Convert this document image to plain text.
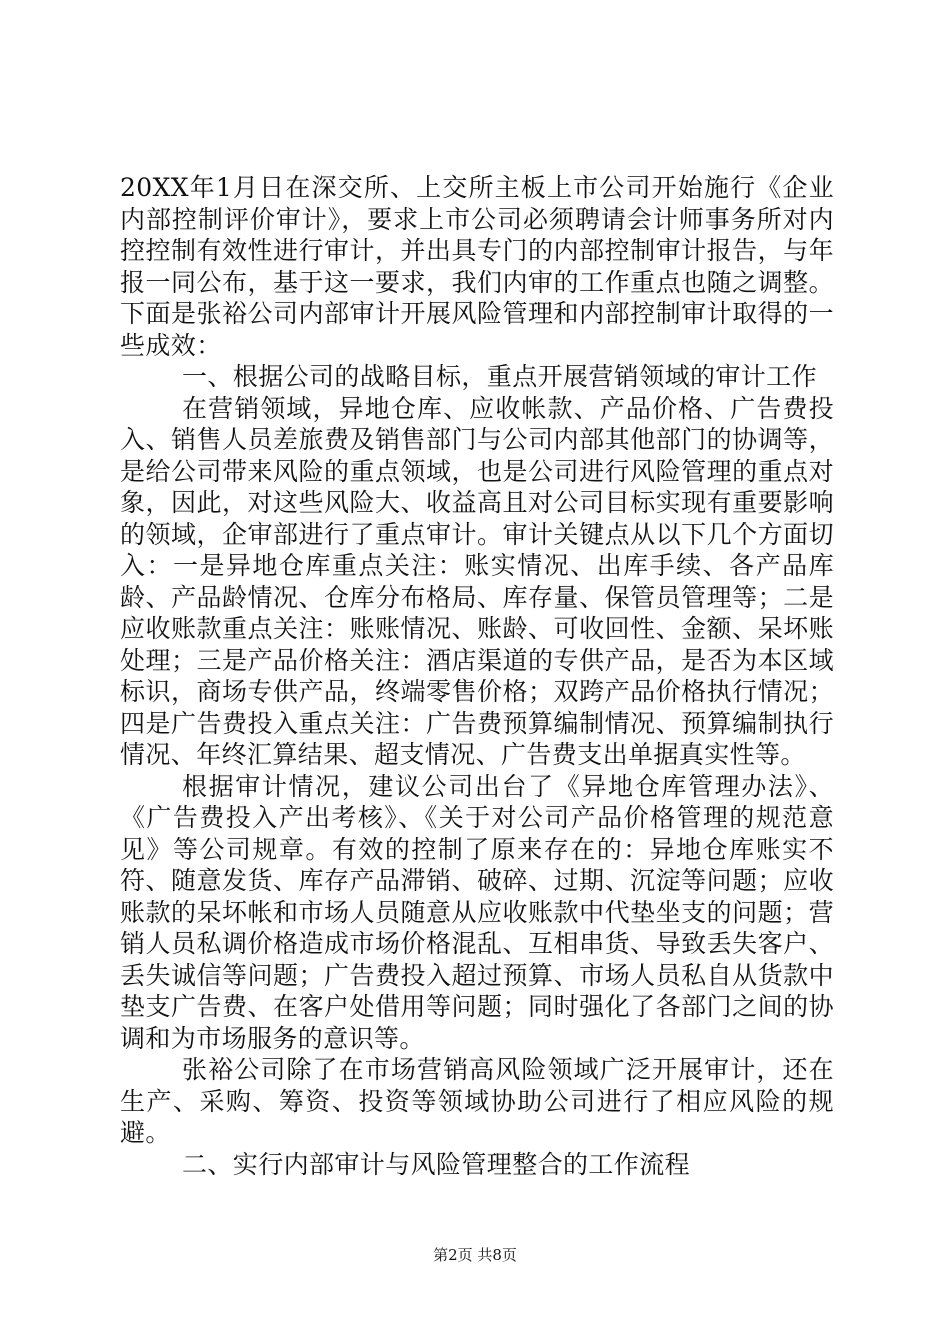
20XX年1月日在深交所、上交所主板上市公司开始施行《企业内部控制评价审计》，要求上市公司必须聘请会计师事务所对内控控制有效性进行审计，并出具专门的内部控制审计报告，与年报一同公布，基于这一要求，我们内审的工作重点也随之调整。下面是张裕公司内部审计开展风险管理和内部控制审计取得的一些成效：

一、根据公司的战略目标，重点开展营销领域的审计工作

在营销领域，异地仓库、应收帐款、产品价格、广告费投入、销售人员差旅费及销售部门与公司内部其他部门的协调等，是给公司带来风险的重点领域，也是公司进行风险管理的重点对象，因此，对这些风险大、收益高且对公司目标实现有重要影响的领域，企审部进行了重点审计。审计关键点从以下几个方面切入：一是异地仓库重点关注：账实情况、出库手续、各产品库龄、产品龄情况、仓库分布格局、库存量、保管员管理等；二是应收账款重点关注：账账情况、账龄、可收回性、金额、呆坏账处理；三是产品价格关注：酒店渠道的专供产品，是否为本区域标识，商场专供产品，终端零售价格；双跨产品价格执行情况；四是广告费投入重点关注：广告费预算编制情况、预算编制执行情况、年终汇算结果、超支情况、广告费支出单据真实性等。

根据审计情况，建议公司出台了《异地仓库管理办法》、《广告费投入产出考核》、《关于对公司产品价格管理的规范意见》等公司规章。有效的控制了原来存在的：异地仓库账实不符、随意发货、库存产品滞销、破碎、过期、沉淀等问题；应收账款的呆坏帐和市场人员随意从应收账款中代垫坐支的问题；营销人员私调价格造成市场价格混乱、互相串货、导致丢失客户、丢失诚信等问题；广告费投入超过预算、市场人员私自从货款中垫支广告费、在客户处借用等问题；同时强化了各部门之间的协调和为市场服务的意识等。

张裕公司除了在市场营销高风险领域广泛开展审计，还在生产、采购、筹资、投资等领域协助公司进行了相应风险的规避。

二、实行内部审计与风险管理整合的工作流程

第2页 共8页
